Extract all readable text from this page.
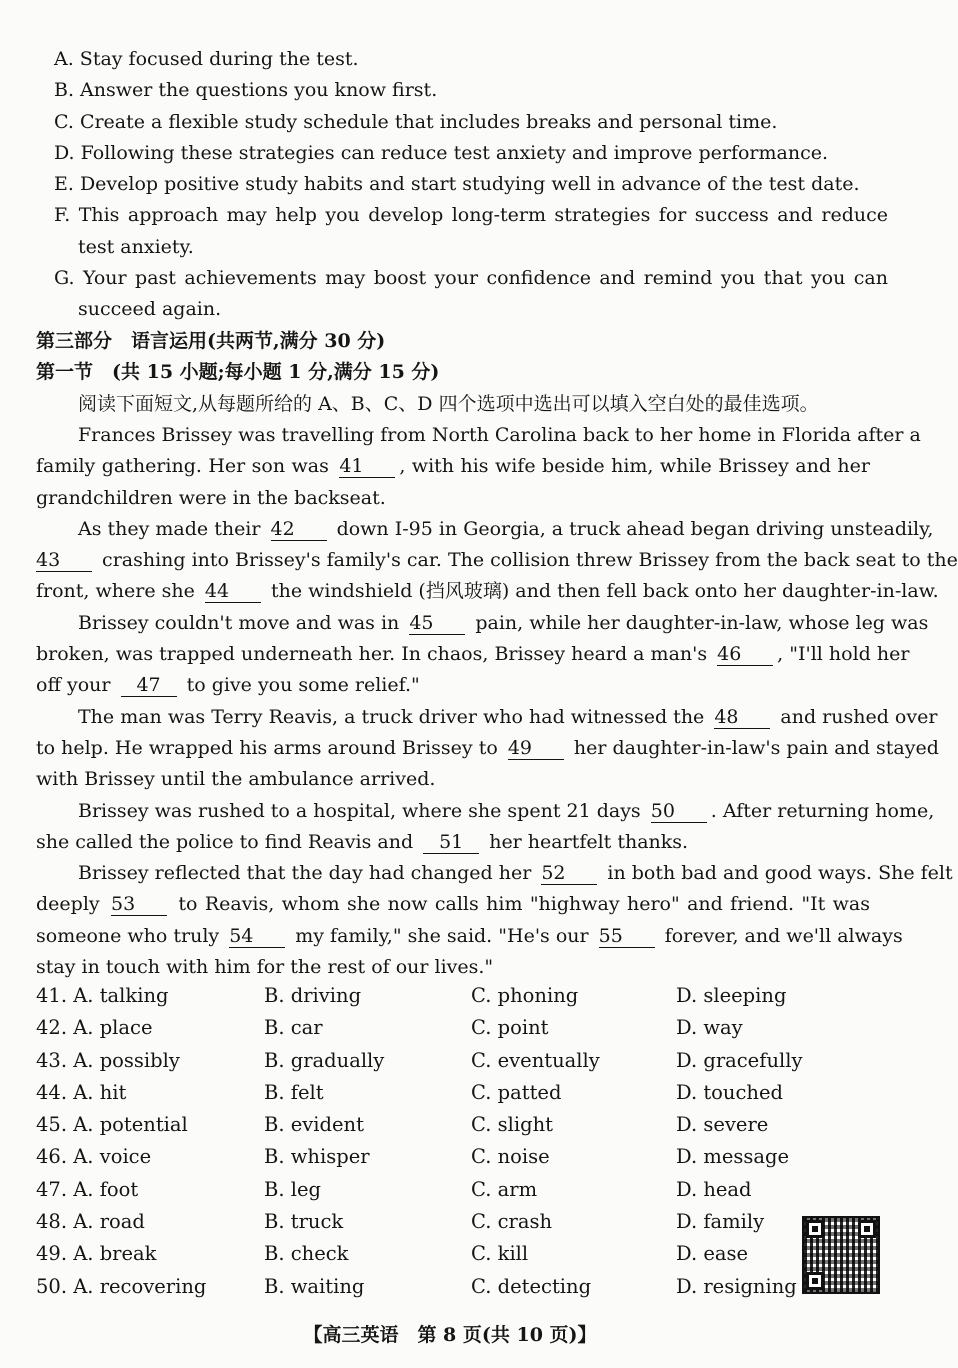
A. Stay focused during the test.
B. Answer the questions you know first.
C. Create a flexible study schedule that includes breaks and personal time.
D. Following these strategies can reduce test anxiety and improve performance.
E. Develop positive study habits and start studying well in advance of the test date.
F. This approach may help you develop long-term strategies for success and reduce test anxiety.
G. Your past achievements may boost your confidence and remind you that you can succeed again.
第三部分　语言运用(共两节,满分 30 分)
第一节　(共 15 小题;每小题 1 分,满分 15 分)
阅读下面短文,从每题所给的 A、B、C、D 四个选项中选出可以填入空白处的最佳选项。
Frances Brissey was travelling from North Carolina back to her home in Florida after a
family gathering. Her son was 41 , with his wife beside him, while Brissey and her
grandchildren were in the backseat.
As they made their 42 down I-95 in Georgia, a truck ahead began driving unsteadily,
43 crashing into Brissey's family's car. The collision threw Brissey from the back seat to the
front, where she 44 the windshield (挡风玻璃) and then fell back onto her daughter-in-law.
Brissey couldn't move and was in 45 pain, while her daughter-in-law, whose leg was
broken, was trapped underneath her. In chaos, Brissey heard a man's 46 , "I'll hold her
off your 47 to give you some relief."
The man was Terry Reavis, a truck driver who had witnessed the 48 and rushed over
to help. He wrapped his arms around Brissey to 49 her daughter-in-law's pain and stayed
with Brissey until the ambulance arrived.
Brissey was rushed to a hospital, where she spent 21 days 50 . After returning home,
she called the police to find Reavis and 51 her heartfelt thanks.
Brissey reflected that the day had changed her 52 in both bad and good ways. She felt
deeply 53 to Reavis, whom she now calls him "highway hero" and friend. "It was
someone who truly 54 my family," she said. "He's our 55 forever, and we'll always
stay in touch with him for the rest of our lives."
41. A. talking	B. driving	C. phoning	D. sleeping
42. A. place	B. car	C. point	D. way
43. A. possibly	B. gradually	C. eventually	D. gracefully
44. A. hit	B. felt	C. patted	D. touched
45. A. potential	B. evident	C. slight	D. severe
46. A. voice	B. whisper	C. noise	D. message
47. A. foot	B. leg	C. arm	D. head
48. A. road	B. truck	C. crash	D. family
49. A. break	B. check	C. kill	D. ease
50. A. recovering	B. waiting	C. detecting	D. resigning
【高三英语　第 8 页(共 10 页)】
